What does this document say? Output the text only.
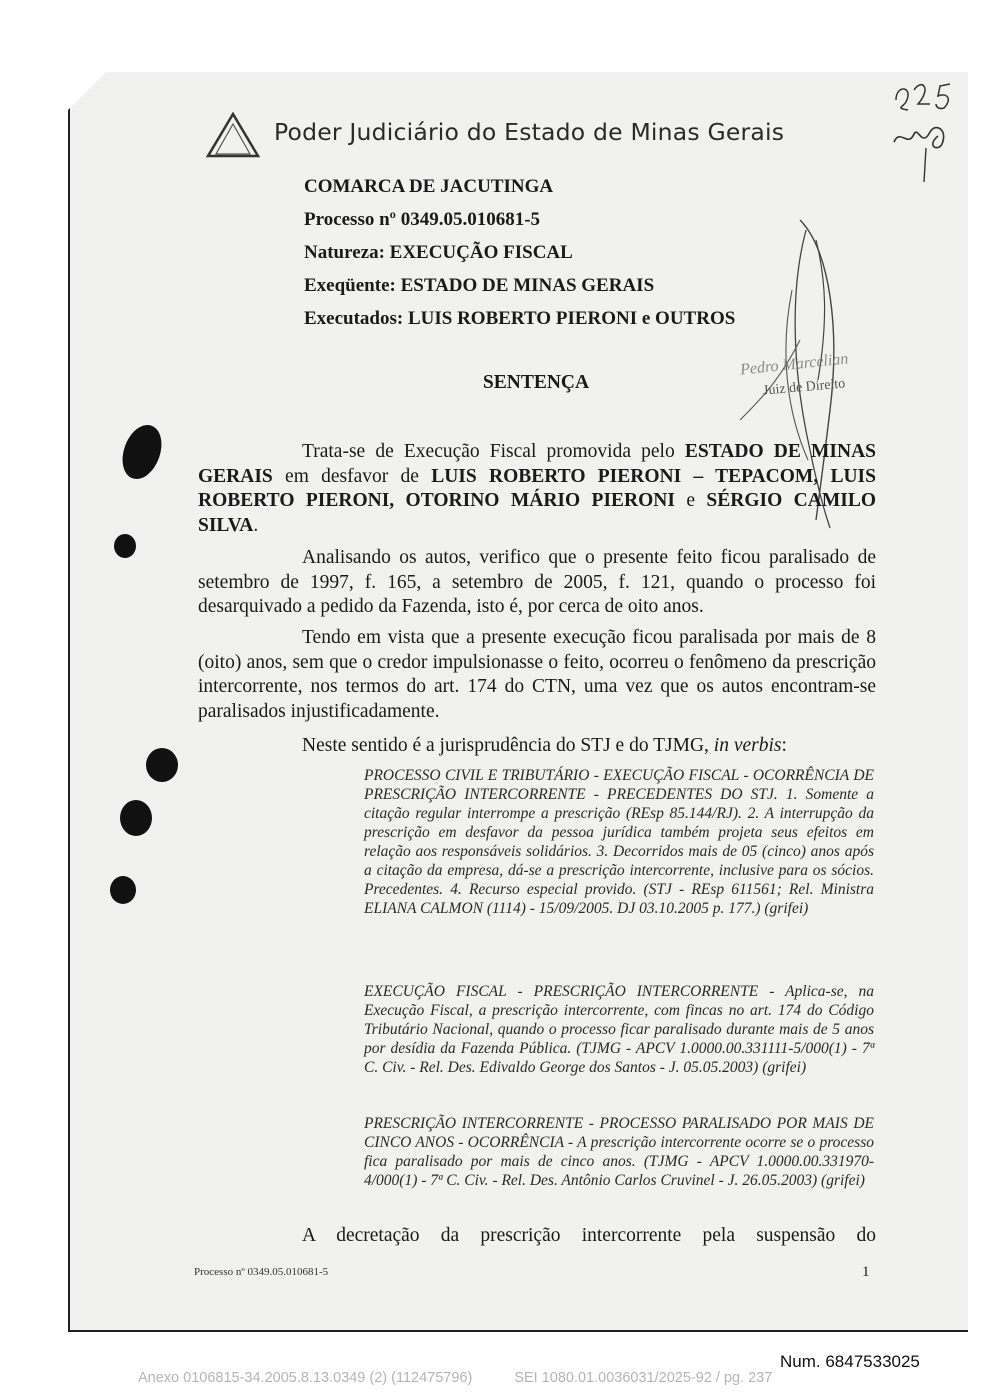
Poder Judiciário do Estado de Minas Gerais
COMARCA DE JACUTINGA
Processo nº 0349.05.010681-5
Natureza: EXECUÇÃO FISCAL
Exeqüente: ESTADO DE MINAS GERAIS
Executados: LUIS ROBERTO PIERONI e OUTROS
Pedro Marcelian
Juiz de Direito
SENTENÇA

Trata-se de Execução Fiscal promovida pelo ESTADO DE MINAS GERAIS em desfavor de LUIS ROBERTO PIERONI – TEPACOM, LUIS ROBERTO PIERONI, OTORINO MÁRIO PIERONI e SÉRGIO CAMILO SILVA.

Analisando os autos, verifico que o presente feito ficou paralisado de setembro de 1997, f. 165, a setembro de 2005, f. 121, quando o processo foi desarquivado a pedido da Fazenda, isto é, por cerca de oito anos.

Tendo em vista que a presente execução ficou paralisada por mais de 8 (oito) anos, sem que o credor impulsionasse o feito, ocorreu o fenômeno da prescrição intercorrente, nos termos do art. 174 do CTN, uma vez que os autos encontram-se paralisados injustificadamente.

Neste sentido é a jurisprudência do STJ e do TJMG, in verbis:

PROCESSO CIVIL E TRIBUTÁRIO - EXECUÇÃO FISCAL - OCORRÊNCIA DE PRESCRIÇÃO INTERCORRENTE - PRECEDENTES DO STJ. 1. Somente a citação regular interrompe a prescrição (REsp 85.144/RJ). 2. A interrupção da prescrição em desfavor da pessoa jurídica também projeta seus efeitos em relação aos responsáveis solidários. 3. Decorridos mais de 05 (cinco) anos após a citação da empresa, dá-se a prescrição intercorrente, inclusive para os sócios. Precedentes. 4. Recurso especial provido. (STJ - REsp 611561; Rel. Ministra ELIANA CALMON (1114) - 15/09/2005. DJ 03.10.2005 p. 177.) (grifei)
EXECUÇÃO FISCAL - PRESCRIÇÃO INTERCORRENTE - Aplica-se, na Execução Fiscal, a prescrição intercorrente, com fincas no art. 174 do Código Tributário Nacional, quando o processo ficar paralisado durante mais de 5 anos por desídia da Fazenda Pública. (TJMG - APCV 1.0000.00.331111-5/000(1) - 7ª C. Civ. - Rel. Des. Edivaldo George dos Santos - J. 05.05.2003) (grifei)
PRESCRIÇÃO INTERCORRENTE - PROCESSO PARALISADO POR MAIS DE CINCO ANOS - OCORRÊNCIA - A prescrição intercorrente ocorre se o processo fica paralisado por mais de cinco anos. (TJMG - APCV 1.0000.00.331970-4/000(1) - 7ª C. Civ. - Rel. Des. Antônio Carlos Cruvinel - J. 26.05.2003) (grifei)

A decretação da prescrição intercorrente pela suspensão do

Processo nº 0349.05.010681-5	1
Num. 6847533025
Anexo 0106815-34.2005.8.13.0349 (2) (112475796)	SEI 1080.01.0036031/2025-92 / pg. 237
